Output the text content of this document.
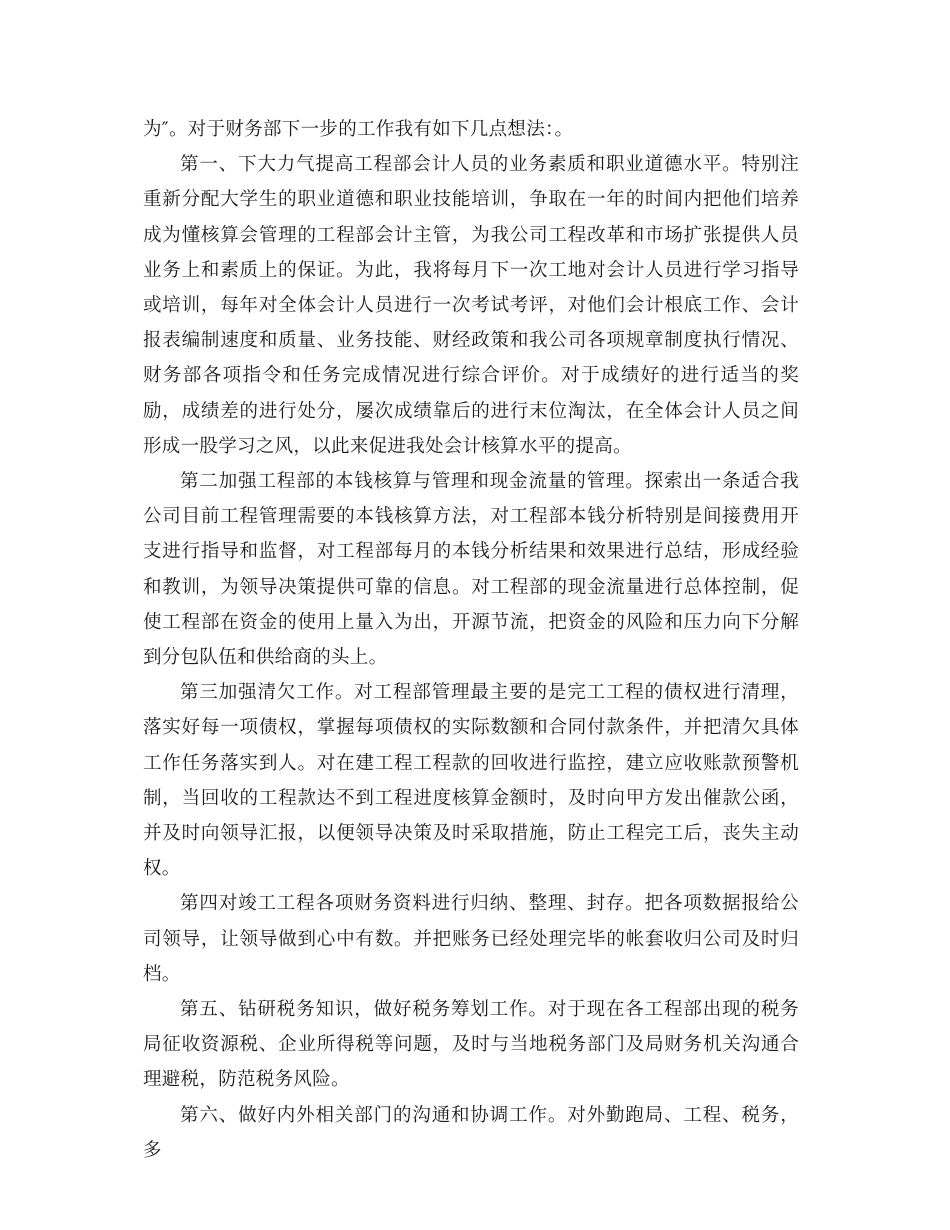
为″。对于财务部下一步的工作我有如下几点想法：。

第一、下大力气提高工程部会计人员的业务素质和职业道德水平。特别注重新分配大学生的职业道德和职业技能培训，争取在一年的时间内把他们培养成为懂核算会管理的工程部会计主管，为我公司工程改革和市场扩张提供人员业务上和素质上的保证。为此，我将每月下一次工地对会计人员进行学习指导或培训，每年对全体会计人员进行一次考试考评，对他们会计根底工作、会计报表编制速度和质量、业务技能、财经政策和我公司各项规章制度执行情况、财务部各项指令和任务完成情况进行综合评价。对于成绩好的进行适当的奖励，成绩差的进行处分，屡次成绩靠后的进行末位淘汰，在全体会计人员之间形成一股学习之风，以此来促进我处会计核算水平的提高。

第二加强工程部的本钱核算与管理和现金流量的管理。探索出一条适合我公司目前工程管理需要的本钱核算方法，对工程部本钱分析特别是间接费用开支进行指导和监督，对工程部每月的本钱分析结果和效果进行总结，形成经验和教训，为领导决策提供可靠的信息。对工程部的现金流量进行总体控制，促使工程部在资金的使用上量入为出，开源节流，把资金的风险和压力向下分解到分包队伍和供给商的头上。

第三加强清欠工作。对工程部管理最主要的是完工工程的债权进行清理，落实好每一项债权，掌握每项债权的实际数额和合同付款条件，并把清欠具体工作任务落实到人。对在建工程工程款的回收进行监控，建立应收账款预警机制，当回收的工程款达不到工程进度核算金额时，及时向甲方发出催款公函，并及时向领导汇报，以便领导决策及时采取措施，防止工程完工后，丧失主动权。

第四对竣工工程各项财务资料进行归纳、整理、封存。把各项数据报给公司领导，让领导做到心中有数。并把账务已经处理完毕的帐套收归公司及时归档。

第五、钻研税务知识，做好税务筹划工作。对于现在各工程部出现的税务局征收资源税、企业所得税等问题，及时与当地税务部门及局财务机关沟通合理避税，防范税务风险。

第六、做好内外相关部门的沟通和协调工作。对外勤跑局、工程、税务，多
